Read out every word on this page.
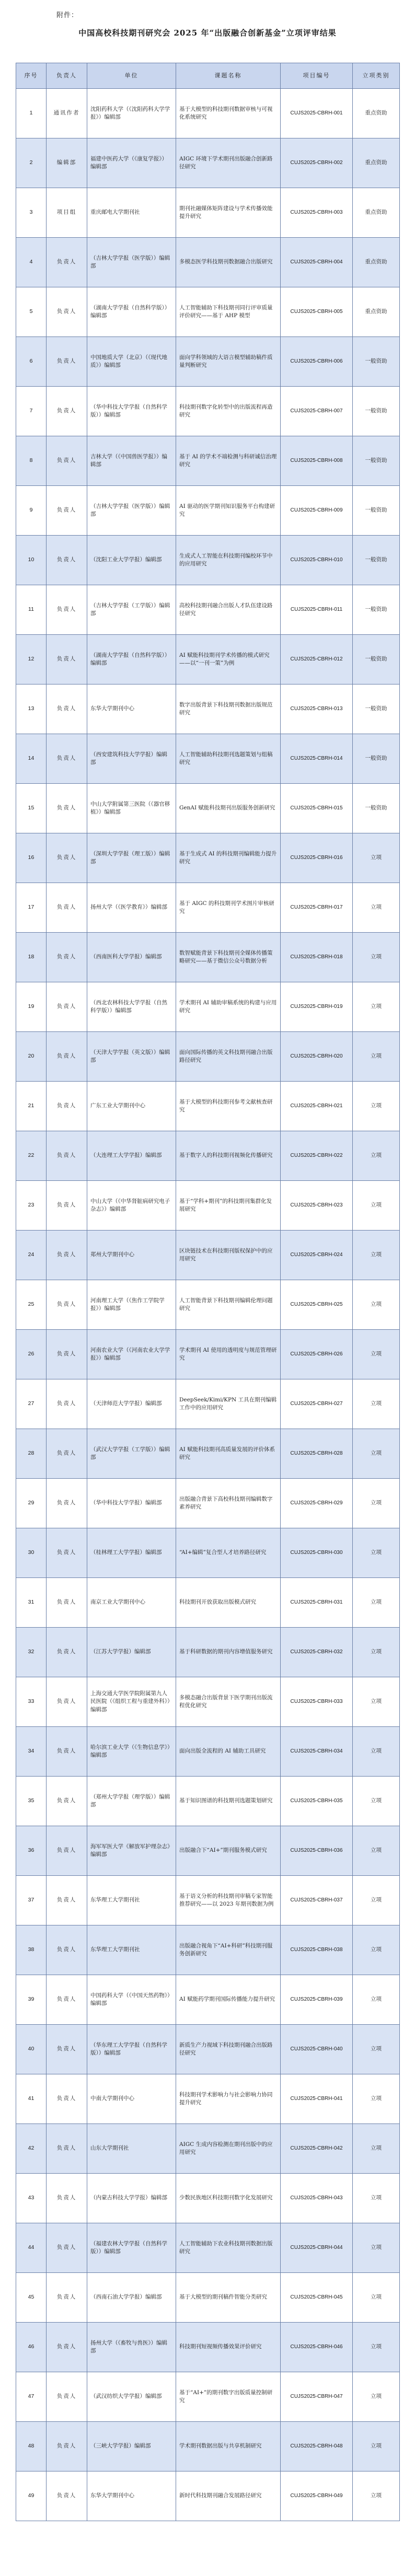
附件：
中国高校科技期刊研究会 2025 年“出版融合创新基金”立项评审结果
序号	负责人	单位	课题名称	项目编号	立项类别
1	通讯作者	沈阳药科大学（《沈阳药科大学学报》）编辑部	基于大模型的科技期刊数据审核与可视化系统研究	CUJS2025-CBRH-001	重点资助
2	编辑部	福建中医药大学（《康复学报》）编辑部	AIGC 环境下学术期刊出版融合创新路径研究	CUJS2025-CBRH-002	重点资助
3	项目组	重庆邮电大学期刊社	期刊社融媒体矩阵建设与学术传播效能提升研究	CUJS2025-CBRH-003	重点资助
4	负责人	（吉林大学学报（医学版））编辑部	多模态医学科技期刊数据融合出版研究	CUJS2025-CBRH-004	重点资助
5	负责人	（湖南大学学报（自然科学版））编辑部	人工智能辅助下科技期刊同行评审质量评价研究——基于 AHP 模型	CUJS2025-CBRH-005	重点资助
6	负责人	中国地质大学（北京）（《现代地质》）编辑部	面向学科领域的大语言模型辅助稿件质量判断研究	CUJS2025-CBRH-006	一般资助
7	负责人	（华中科技大学学报（自然科学版））编辑部	科技期刊数字化转型中的出版流程再造研究	CUJS2025-CBRH-007	一般资助
8	负责人	吉林大学（《中国兽医学报》）编辑部	基于 AI 的学术不端检测与科研诚信治理研究	CUJS2025-CBRH-008	一般资助
9	负责人	（吉林大学学报（医学版））编辑部	AI 驱动的医学期刊知识服务平台构建研究	CUJS2025-CBRH-009	一般资助
10	负责人	（沈阳工业大学学报）编辑部	生成式人工智能在科技期刊编校环节中的应用研究	CUJS2025-CBRH-010	一般资助
11	负责人	（吉林大学学报（工学版））编辑部	高校科技期刊融合出版人才队伍建设路径研究	CUJS2025-CBRH-011	一般资助
12	负责人	（湖南大学学报（自然科学版））编辑部	AI 赋能科技期刊学术传播的模式研究——以“一刊一策”为例	CUJS2025-CBRH-012	一般资助
13	负责人	东华大学期刊中心	数字出版背景下科技期刊数据出版规范研究	CUJS2025-CBRH-013	一般资助
14	负责人	（西安建筑科技大学学报）编辑部	人工智能辅助科技期刊选题策划与组稿研究	CUJS2025-CBRH-014	一般资助
15	负责人	中山大学附属第三医院（《器官移植》）编辑部	GenAI 赋能科技期刊出版服务创新研究	CUJS2025-CBRH-015	一般资助
16	负责人	（深圳大学学报（理工版））编辑部	基于生成式 AI 的科技期刊编辑能力提升研究	CUJS2025-CBRH-016	立项
17	负责人	扬州大学（《医学教育》）编辑部	基于 AIGC 的科技期刊学术图片审核研究	CUJS2025-CBRH-017	立项
18	负责人	（西南医科大学学报）编辑部	数智赋能背景下科技期刊全媒体传播策略研究——基于微信公众号数据分析	CUJS2025-CBRH-018	立项
19	负责人	（西北农林科技大学学报（自然科学版））编辑部	学术期刊 AI 辅助审稿系统的构建与应用研究	CUJS2025-CBRH-019	立项
20	负责人	（天津大学学报（英文版））编辑部	面向国际传播的英文科技期刊融合出版路径研究	CUJS2025-CBRH-020	立项
21	负责人	广东工业大学期刊中心	基于大模型的科技期刊参考文献核查研究	CUJS2025-CBRH-021	立项
22	负责人	（大连理工大学学报）编辑部	基于数字人的科技期刊视频化传播研究	CUJS2025-CBRH-022	立项
23	负责人	中山大学（《中华肾脏病研究电子杂志》）编辑部	基于“学科+期刊”的科技期刊集群化发展研究	CUJS2025-CBRH-023	立项
24	负责人	郑州大学期刊中心	区块链技术在科技期刊版权保护中的应用研究	CUJS2025-CBRH-024	立项
25	负责人	河南理工大学（《焦作工学院学报》）编辑部	人工智能背景下科技期刊编辑伦理问题研究	CUJS2025-CBRH-025	立项
26	负责人	河南农业大学（《河南农业大学学报》）编辑部	学术期刊 AI 使用的透明度与规范管理研究	CUJS2025-CBRH-026	立项
27	负责人	（天津师范大学学报）编辑部	DeepSeek/Kimi/KPN 工具在期刊编辑工作中的应用研究	CUJS2025-CBRH-027	立项
28	负责人	（武汉大学学报（工学版））编辑部	AI 赋能科技期刊高质量发展的评价体系研究	CUJS2025-CBRH-028	立项
29	负责人	（华中科技大学学报）编辑部	出版融合背景下高校科技期刊编辑数字素养研究	CUJS2025-CBRH-029	立项
30	负责人	（桂林理工大学学报）编辑部	“AI+编辑”复合型人才培养路径研究	CUJS2025-CBRH-030	立项
31	负责人	南京工业大学期刊中心	科技期刊开放获取出版模式研究	CUJS2025-CBRH-031	立项
32	负责人	（江苏大学学报）编辑部	基于科研数据的期刊内容增值服务研究	CUJS2025-CBRH-032	立项
33	负责人	上海交通大学医学院附属第九人民医院（《组织工程与重建外科》）编辑部	多模态融合出版背景下医学期刊出版流程优化研究	CUJS2025-CBRH-033	立项
34	负责人	哈尔滨工业大学（《生物信息学》）编辑部	面向出版全流程的 AI 辅助工具研究	CUJS2025-CBRH-034	立项
35	负责人	（郑州大学学报（理学版））编辑部	基于知识图谱的科技期刊选题策划研究	CUJS2025-CBRH-035	立项
36	负责人	海军军医大学《解放军护理杂志》编辑部	出版融合下“AI+”期刊服务模式研究	CUJS2025-CBRH-036	立项
37	负责人	东华理工大学期刊社	基于语义分析的科技期刊审稿专家智能推荐研究——以 2023 年期刊数据为例	CUJS2025-CBRH-037	立项
38	负责人	东华理工大学期刊社	出版融合视角下“AI+科研”科技期刊服务创新研究	CUJS2025-CBRH-038	立项
39	负责人	中国药科大学（《中国天然药物》）编辑部	AI 赋能药学期刊国际传播能力提升研究	CUJS2025-CBRH-039	立项
40	负责人	（华东理工大学学报（自然科学版））编辑部	新质生产力视域下科技期刊融合出版路径研究	CUJS2025-CBRH-040	立项
41	负责人	中南大学期刊中心	科技期刊学术影响力与社会影响力协同提升研究	CUJS2025-CBRH-041	立项
42	负责人	山东大学期刊社	AIGC 生成内容检测在期刊出版中的应用研究	CUJS2025-CBRH-042	立项
43	负责人	（内蒙古科技大学学报）编辑部	少数民族地区科技期刊数字化发展研究	CUJS2025-CBRH-043	立项
44	负责人	（福建农林大学学报（自然科学版））编辑部	人工智能辅助下农业科技期刊数据出版研究	CUJS2025-CBRH-044	立项
45	负责人	（西南石油大学学报）编辑部	基于大模型的期刊稿件智能分类研究	CUJS2025-CBRH-045	立项
46	负责人	扬州大学（《畜牧与兽医》）编辑部	科技期刊短视频传播效果评价研究	CUJS2025-CBRH-046	立项
47	负责人	（武汉纺织大学学报）编辑部	基于“AI+”的期刊数字出版质量控制研究	CUJS2025-CBRH-047	立项
48	负责人	（三峡大学学报）编辑部	学术期刊数据出版与共享机制研究	CUJS2025-CBRH-048	立项
49	负责人	东华大学期刊中心	新时代科技期刊融合发展路径研究	CUJS2025-CBRH-049	立项
